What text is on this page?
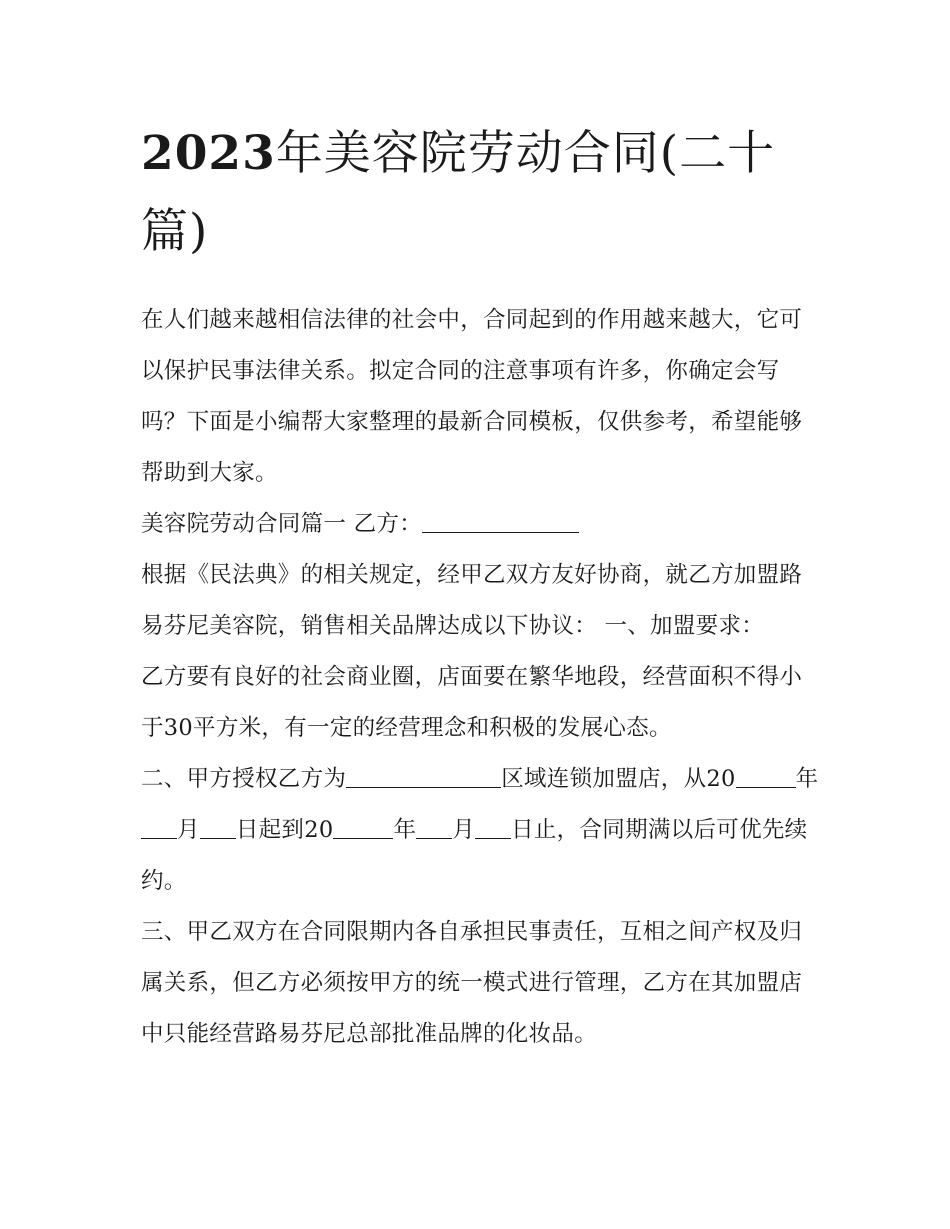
2023年美容院劳动合同(二十篇)

在人们越来越相信法律的社会中，合同起到的作用越来越大，它可以保护民事法律关系。拟定合同的注意事项有许多，你确定会写吗？下面是小编帮大家整理的最新合同模板，仅供参考，希望能够帮助到大家。

美容院劳动合同篇一 乙方：

根据《民法典》的相关规定，经甲乙双方友好协商，就乙方加盟路易芬尼美容院，销售相关品牌达成以下协议： 一、加盟要求：

乙方要有良好的社会商业圈，店面要在繁华地段，经营面积不得小于30平方米，有一定的经营理念和积极的发展心态。

二、甲方授权乙方为	区域连锁加盟店，从20	年月 日起到20	年 月 日止，合同期满以后可优先续约。

三、甲乙双方在合同限期内各自承担民事责任，互相之间产权及归属关系，但乙方必须按甲方的统一模式进行管理，乙方在其加盟店中只能经营路易芬尼总部批准品牌的化妆品。
